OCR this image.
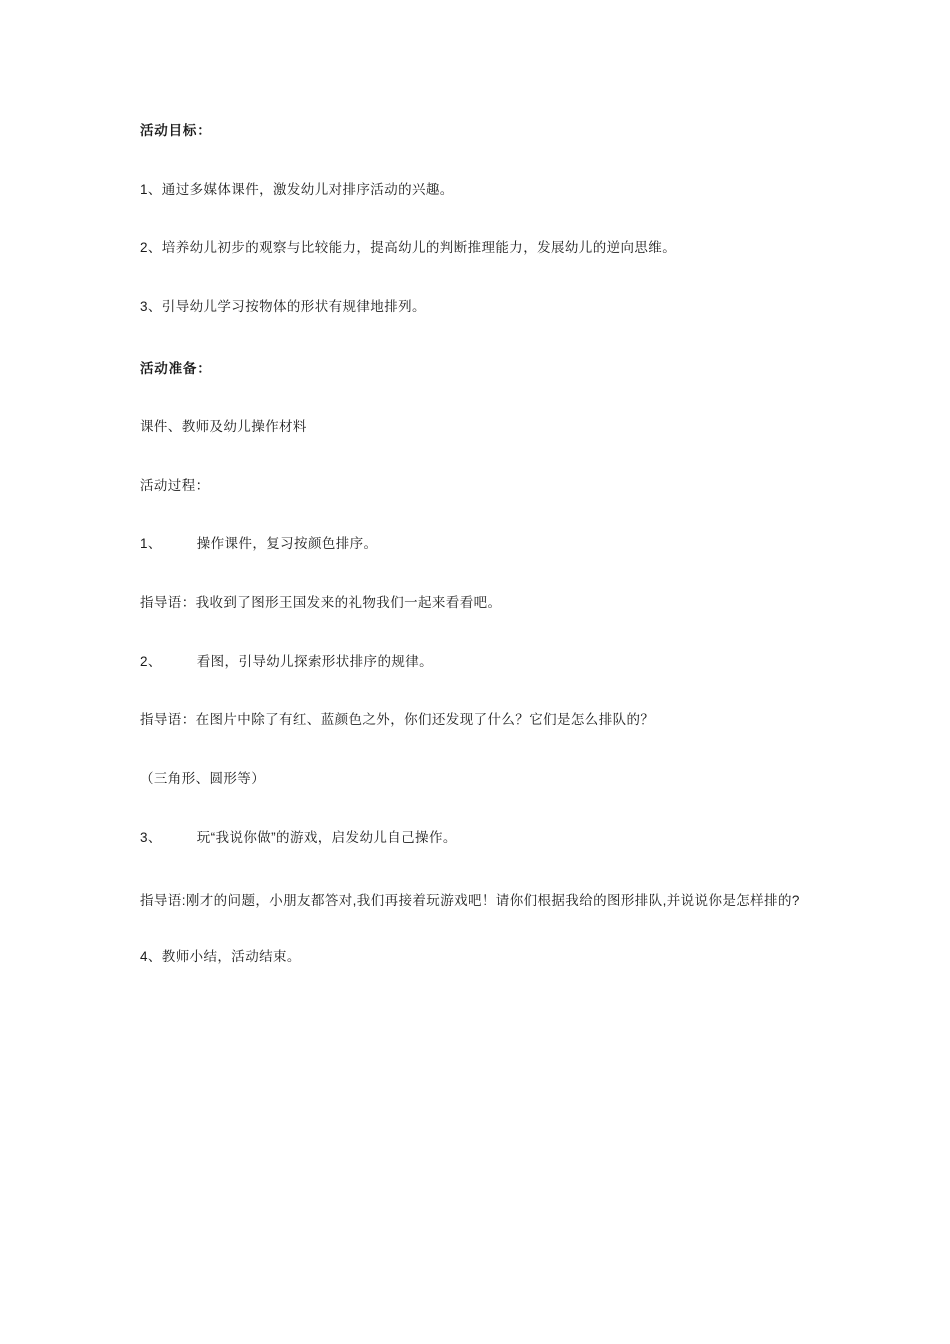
活动目标：

1、通过多媒体课件，激发幼儿对排序活动的兴趣。

2、培养幼儿初步的观察与比较能力，提高幼儿的判断推理能力，发展幼儿的逆向思维。

3、引导幼儿学习按物体的形状有规律地排列。

活动准备：

课件、教师及幼儿操作材料

活动过程：

1、　　　操作课件，复习按颜色排序。

指导语：我收到了图形王国发来的礼物我们一起来看看吧。

2、　　　看图，引导幼儿探索形状排序的规律。

指导语：在图片中除了有红、蓝颜色之外，你们还发现了什么？它们是怎么排队的？

（三角形、圆形等）

3、　　　玩“我说你做”的游戏，启发幼儿自己操作。

指导语:刚才的问题，小朋友都答对,我们再接着玩游戏吧！请你们根据我给的图形排队,并说说你是怎样排的?

4、教师小结，活动结束。
